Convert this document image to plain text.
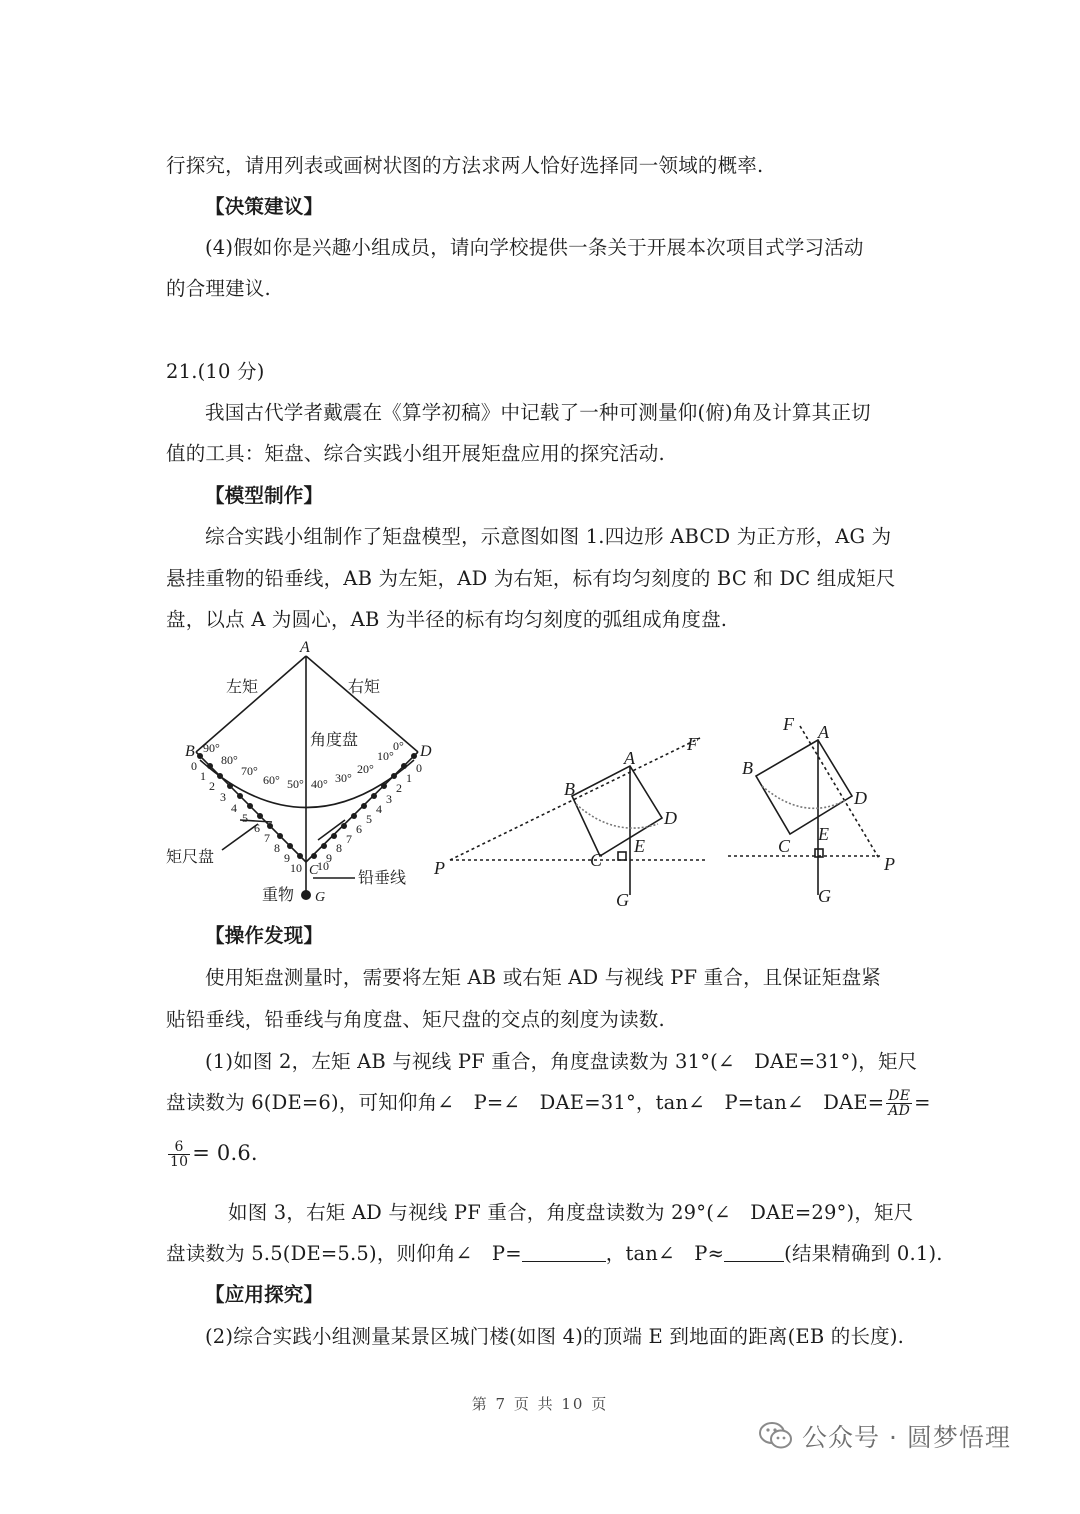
行探究，请用列表或画树状图的方法求两人恰好选择同一领域的概率.
【决策建议】
(4)假如你是兴趣小组成员，请向学校提供一条关于开展本次项目式学习活动
的合理建议.
21.(10 分)
我国古代学者戴震在《算学初稿》中记载了一种可测量仰(俯)角及计算其正切
值的工具：矩盘、综合实践小组开展矩盘应用的探究活动.
【模型制作】
综合实践小组制作了矩盘模型，示意图如图 1.四边形 ABCD 为正方形，AG 为
悬挂重物的铅垂线，AB 为左矩，AD 为右矩，标有均匀刻度的 BC 和 DC 组成矩尺
盘，以点 A 为圆心，AB 为半径的标有均匀刻度的弧组成角度盘.
A
B	D
C
G
左矩	右矩
角度盘
矩尺盘
铅垂线
重物
90°
80°
70°
60° 50° 40° 30°
20°
10°
0°
0
1
2
3
4
5
6
7
8
9
10
0
1
2
3
4
5
6
7
8
9
10
A
B
C
D
E
F
G
P
F A
B
D
E
C
P
G
【操作发现】
使用矩盘测量时，需要将左矩 AB 或右矩 AD 与视线 PF 重合，且保证矩盘紧
贴铅垂线，铅垂线与角度盘、矩尺盘的交点的刻度为读数.
(1)如图 2，左矩 AB 与视线 PF 重合，角度盘读数为 31°(∠　DAE=31°)，矩尺
盘读数为 6(DE=6)，可知仰角∠　P=∠　DAE=31°，tan∠　P=tan∠　$DAE= \frac{DE}{AD}$ =
$\frac{6}{10} = 0.6$.
如图 3，右矩 AD 与视线 PF 重合，角度盘读数为 29°(∠　DAE=29°)，矩尺
盘读数为 5.5(DE=5.5)，则仰角∠　P=	，tan∠　P≈	(结果精确到 0.1).
【应用探究】
(2)综合实践小组测量某景区城门楼(如图 4)的顶端 E 到地面的距离(EB 的长度).
第 7 页 共 10 页
公众号 · 圆梦悟理
